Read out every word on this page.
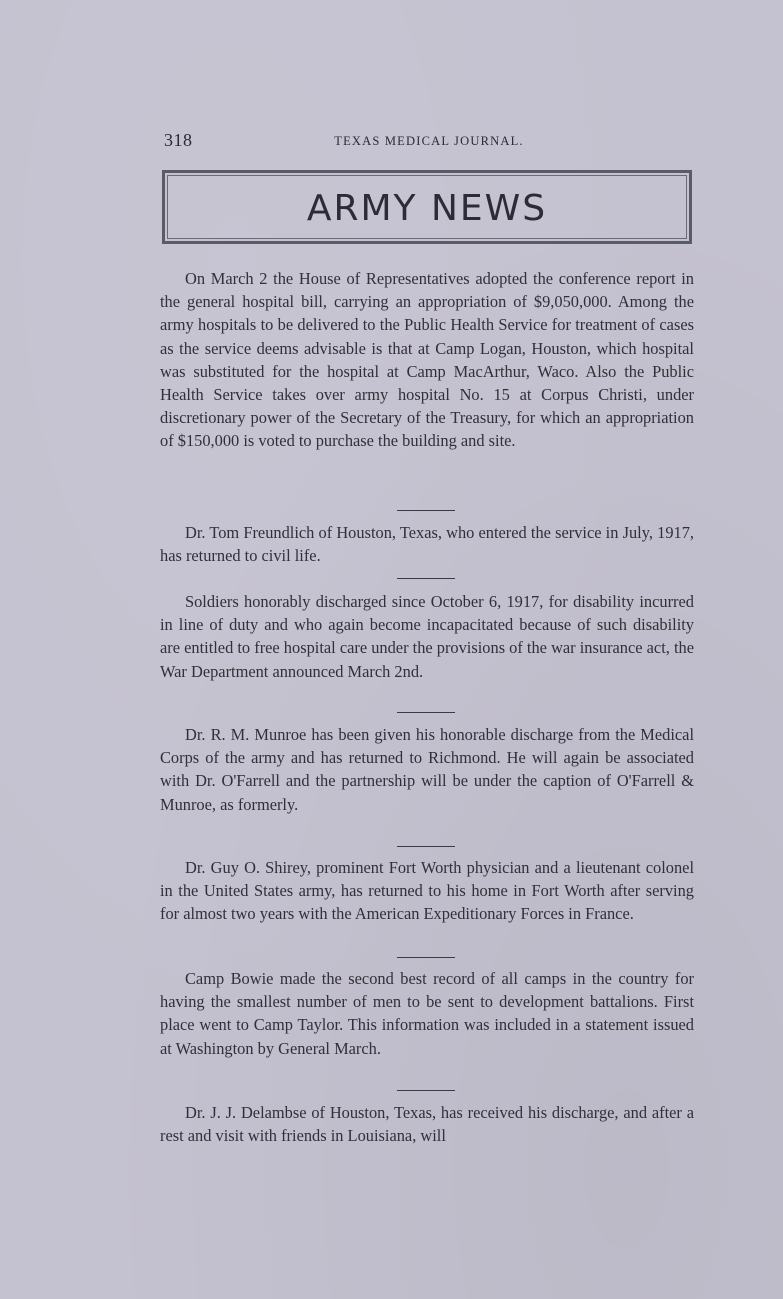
318	TEXAS MEDICAL JOURNAL.
ARMY NEWS

On March 2 the House of Representatives adopted the conference report in the general hospital bill, carrying an appropriation of $9,050,000. Among the army hospitals to be delivered to the Public Health Service for treatment of cases as the service deems advisable is that at Camp Logan, Houston, which hospital was substituted for the hospital at Camp MacArthur, Waco. Also the Public Health Service takes over army hospital No. 15 at Corpus Christi, under discretionary power of the Secretary of the Treasury, for which an appropriation of $150,000 is voted to purchase the building and site.

Dr. Tom Freundlich of Houston, Texas, who entered the service in July, 1917, has returned to civil life.

Soldiers honorably discharged since October 6, 1917, for disability incurred in line of duty and who again become incapacitated because of such disability are entitled to free hospital care under the provisions of the war insurance act, the War Department announced March 2nd.

Dr. R. M. Munroe has been given his honorable discharge from the Medical Corps of the army and has returned to Richmond. He will again be associated with Dr. O'Farrell and the partnership will be under the caption of O'Farrell & Munroe, as formerly.

Dr. Guy O. Shirey, prominent Fort Worth physician and a lieutenant colonel in the United States army, has returned to his home in Fort Worth after serving for almost two years with the American Expeditionary Forces in France.

Camp Bowie made the second best record of all camps in the country for having the smallest number of men to be sent to development battalions. First place went to Camp Taylor. This information was included in a statement issued at Washington by General March.

Dr. J. J. Delambse of Houston, Texas, has received his discharge, and after a rest and visit with friends in Louisiana, will
